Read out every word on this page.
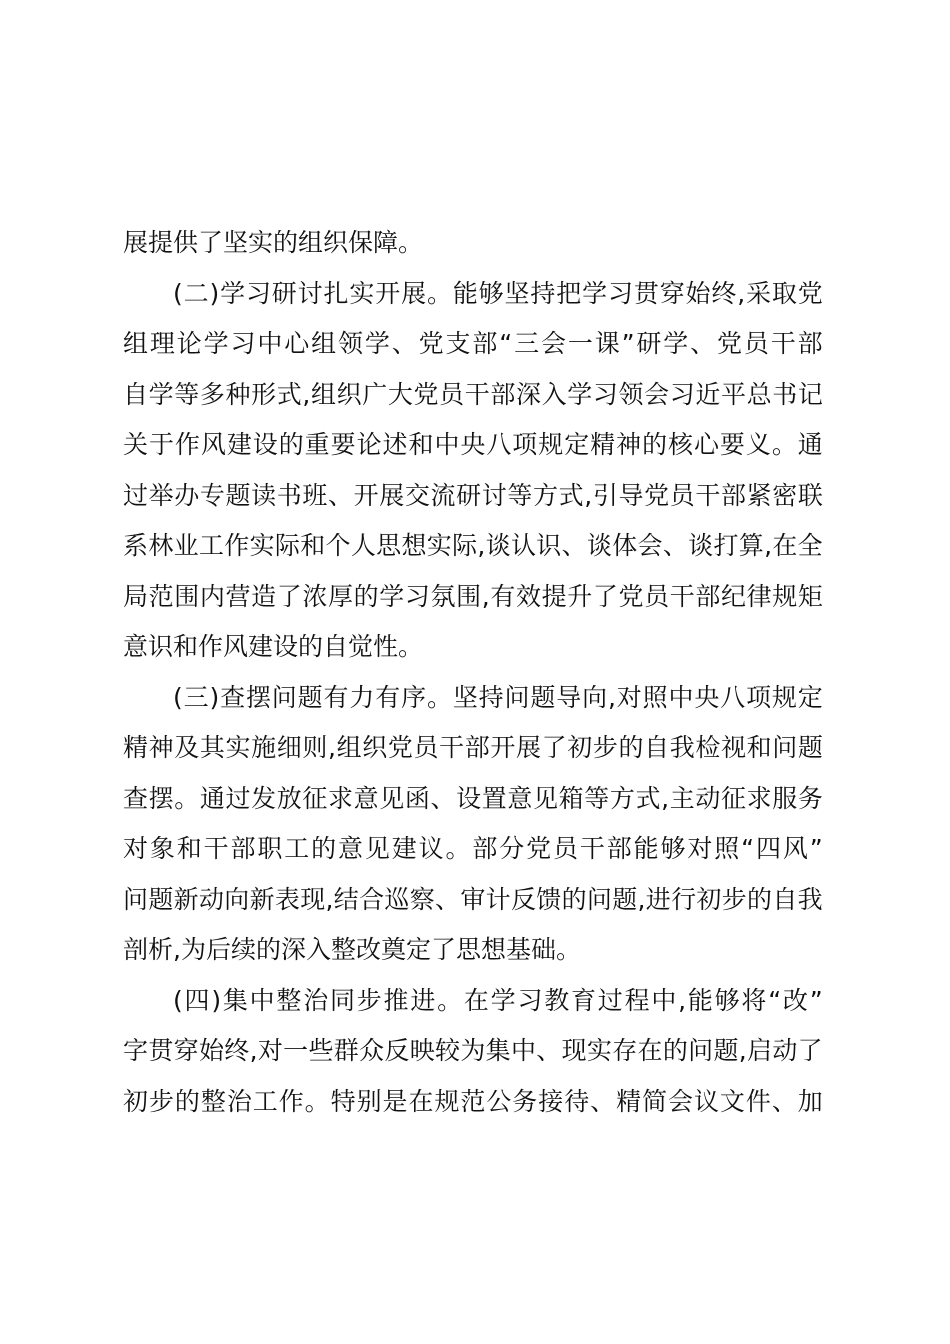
展提供了坚实的组织保障。
( 二 ) 学 习 研 讨 扎 实 开 展 。 能 够 坚 持 把 学 习 贯 穿 始 终 , 采 取 党
组 理 论 学 习 中 心 组 领 学 、 党 支 部 “ 三 会 一 课 ” 研 学 、 党 员 干 部
自 学 等 多 种 形 式 , 组 织 广 大 党 员 干 部 深 入 学 习 领 会 习 近 平 总 书 记
关 于 作 风 建 设 的 重 要 论 述 和 中 央 八 项 规 定 精 神 的 核 心 要 义 。 通
过 举 办 专 题 读 书 班 、 开 展 交 流 研 讨 等 方 式 , 引 导 党 员 干 部 紧 密 联
系 林 业 工 作 实 际 和 个 人 思 想 实 际 , 谈 认 识 、 谈 体 会 、 谈 打 算 , 在 全
局 范 围 内 营 造 了 浓 厚 的 学 习 氛 围 , 有 效 提 升 了 党 员 干 部 纪 律 规 矩
意识和作风建设的自觉性。
( 三 ) 查 摆 问 题 有 力 有 序 。 坚 持 问 题 导 向 , 对 照 中 央 八 项 规 定
精 神 及 其 实 施 细 则 , 组 织 党 员 干 部 开 展 了 初 步 的 自 我 检 视 和 问 题
查 摆 。 通 过 发 放 征 求 意 见 函 、 设 置 意 见 箱 等 方 式 , 主 动 征 求 服 务
对 象 和 干 部 职 工 的 意 见 建 议 。 部 分 党 员 干 部 能 够 对 照 “ 四 风 ”
问 题 新 动 向 新 表 现 , 结 合 巡 察 、 审 计 反 馈 的 问 题 , 进 行 初 步 的 自 我
剖析,为后续的深入整改奠定了思想基础。
( 四 ) 集 中 整 治 同 步 推 进 。 在 学 习 教 育 过 程 中 , 能 够 将 “ 改 ”
字 贯 穿 始 终 , 对 一 些 群 众 反 映 较 为 集 中 、 现 实 存 在 的 问 题 , 启 动 了
初 步 的 整 治 工 作 。 特 别 是 在 规 范 公 务 接 待 、 精 简 会 议 文 件 、 加
